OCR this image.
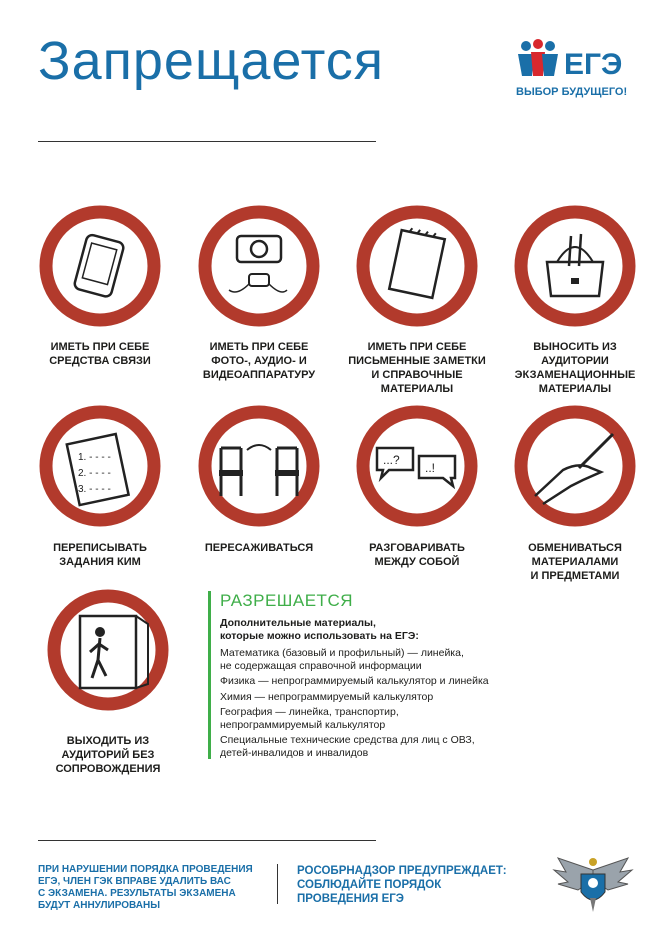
Запрещается	ЕГЭ
ВЫБОР БУДУЩЕГО!
ИМЕТЬ ПРИ СЕБЕ
СРЕДСТВА СВЯЗИ
ИМЕТЬ ПРИ СЕБЕ
ФОТО-, АУДИО- И
ВИДЕОАППАРАТУРУ
ИМЕТЬ ПРИ СЕБЕ
ПИСЬМЕННЫЕ ЗАМЕТКИ
И СПРАВОЧНЫЕ
МАТЕРИАЛЫ
ВЫНОСИТЬ ИЗ
АУДИТОРИИ
ЭКЗАМЕНАЦИОННЫЕ
МАТЕРИАЛЫ
1. - - - -
2. - - - -
3. - - - -
ПЕРЕПИСЫВАТЬ
ЗАДАНИЯ КИМ
ПЕРЕСАЖИВАТЬСЯ
...?
..!
РАЗГОВАРИВАТЬ
МЕЖДУ СОБОЙ
ОБМЕНИВАТЬСЯ
МАТЕРИАЛАМИ
И ПРЕДМЕТАМИ
ВЫХОДИТЬ ИЗ
АУДИТОРИЙ БЕЗ
СОПРОВОЖДЕНИЯ
РАЗРЕШАЕТСЯ
Дополнительные материалы,
которые можно использовать на ЕГЭ:
Математика (базовый и профильный) — линейка,
не содержащая справочной информации
Физика — непрограммируемый калькулятор и линейка
Химия — непрограммируемый калькулятор
География — линейка, транспортир,
непрограммируемый калькулятор
Специальные технические средства для лиц с ОВЗ,
детей-инвалидов и инвалидов
ПРИ НАРУШЕНИИ ПОРЯДКА ПРОВЕДЕНИЯ
ЕГЭ, ЧЛЕН ГЭК ВПРАВЕ УДАЛИТЬ ВАС
С ЭКЗАМЕНА. РЕЗУЛЬТАТЫ ЭКЗАМЕНА
БУДУТ АННУЛИРОВАНЫ
РОСОБРНАДЗОР ПРЕДУПРЕЖДАЕТ:
СОБЛЮДАЙТЕ ПОРЯДОК
ПРОВЕДЕНИЯ ЕГЭ
